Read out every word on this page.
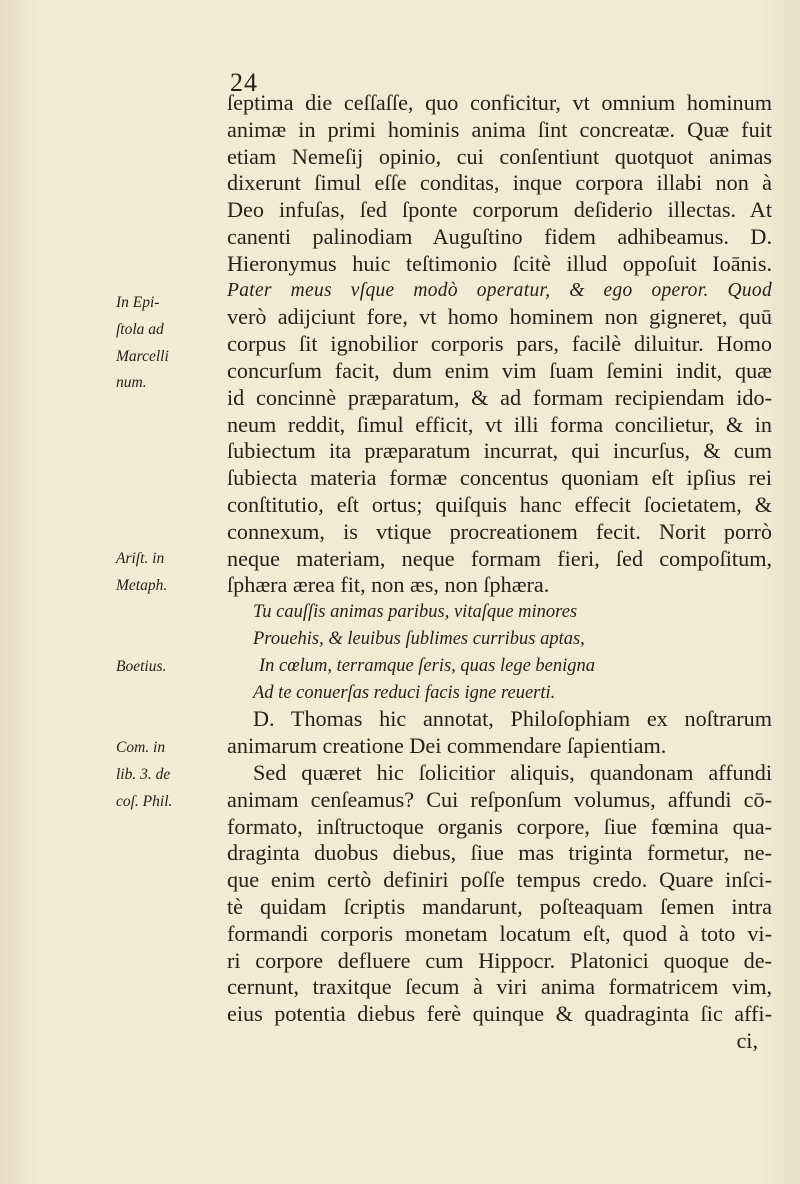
24
ſeptima die ceſſaſſe, quo conficitur, vt omnium hominum
animæ in primi hominis anima ſint concreatæ. Quæ fuit
etiam Nemeſij opinio, cui conſentiunt quotquot animas
dixerunt ſimul eſſe conditas, inque corpora illabi non à
Deo infuſas, ſed ſponte corporum deſiderio illectas. At
canenti palinodiam Auguſtino fidem adhibeamus. D.
Hieronymus huic teſtimonio ſcitè illud oppoſuit Ioānis.
Pater meus vſque modò operatur, & ego operor. Quod
verò adijciunt fore, vt homo hominem non gigneret, quū
corpus ſit ignobilior corporis pars, facilè diluitur. Homo
concurſum facit, dum enim vim ſuam ſemini indit, quæ
id concinnè præparatum, & ad formam recipiendam ido-
neum reddit, ſimul efficit, vt illi forma concilietur, & in
ſubiectum ita præparatum incurrat, qui incurſus, & cum
ſubiecta materia formæ concentus quoniam eſt ipſius rei
conſtitutio, eſt ortus; quiſquis hanc effecit ſocietatem, &
connexum, is vtique procreationem fecit. Norit porrò
neque materiam, neque formam fieri, ſed compoſitum,
ſphæra ærea fit, non æs, non ſphæra.
Tu cauſſis animas paribus, vitaſque minores
Prouehis, & leuibus ſublimes curribus aptas,
In cœlum, terramque ſeris, quas lege benigna
Ad te conuerſas reduci facis igne reuerti.
D. Thomas hic annotat, Philoſophiam ex noſtrarum
animarum creatione Dei commendare ſapientiam.
Sed quæret hic ſolicitior aliquis, quandonam affundi
animam cenſeamus? Cui reſponſum volumus, affundi cō-
formato, inſtructoque organis corpore, ſiue fœmina qua-
draginta duobus diebus, ſiue mas triginta formetur, ne-
que enim certò definiri poſſe tempus credo. Quare inſci-
tè quidam ſcriptis mandarunt, poſteaquam ſemen intra
formandi corporis monetam locatum eſt, quod à toto vi-
ri corpore defluere cum Hippocr. Platonici quoque de-
cernunt, traxitque ſecum à viri anima formatricem vim,
eius potentia diebus ferè quinque & quadraginta ſic affi-
ci,
In Epi-
ſtola ad
Marcelli
num.
Ariſt. in
Metaph.
Boetius.
Com. in
lib. 3. de
coſ. Phil.
